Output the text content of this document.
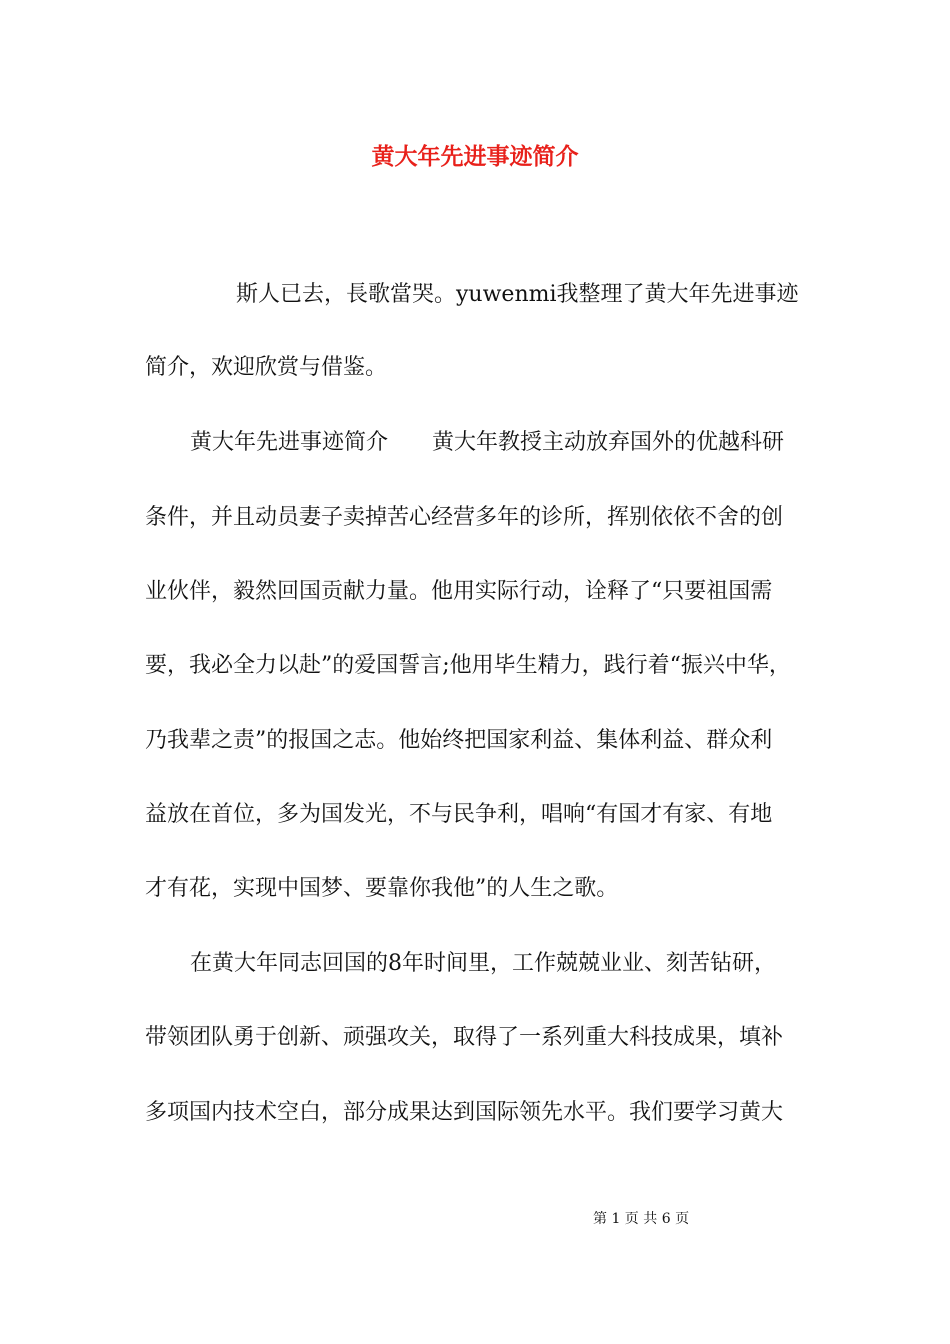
黄大年先进事迹简介
斯人已去，長歌當哭。yuwenmi我整理了黄大年先进事迹
简介，欢迎欣赏与借鉴。
黄大年先进事迹简介　　黄大年教授主动放弃国外的优越科研
条件，并且动员妻子卖掉苦心经营多年的诊所，挥别依依不舍的创
业伙伴，毅然回国贡献力量。他用实际行动，诠释了“只要祖国需
要，我必全力以赴”的爱国誓言;他用毕生精力，践行着“振兴中华，
乃我辈之责”的报国之志。他始终把国家利益、集体利益、群众利
益放在首位，多为国发光，不与民争利，唱响“有国才有家、有地
才有花，实现中国梦、要靠你我他”的人生之歌。
在黄大年同志回国的8年时间里，工作兢兢业业、刻苦钻研，
带领团队勇于创新、顽强攻关，取得了一系列重大科技成果，填补
多项国内技术空白，部分成果达到国际领先水平。我们要学习黄大
第 1 页 共 6 页
